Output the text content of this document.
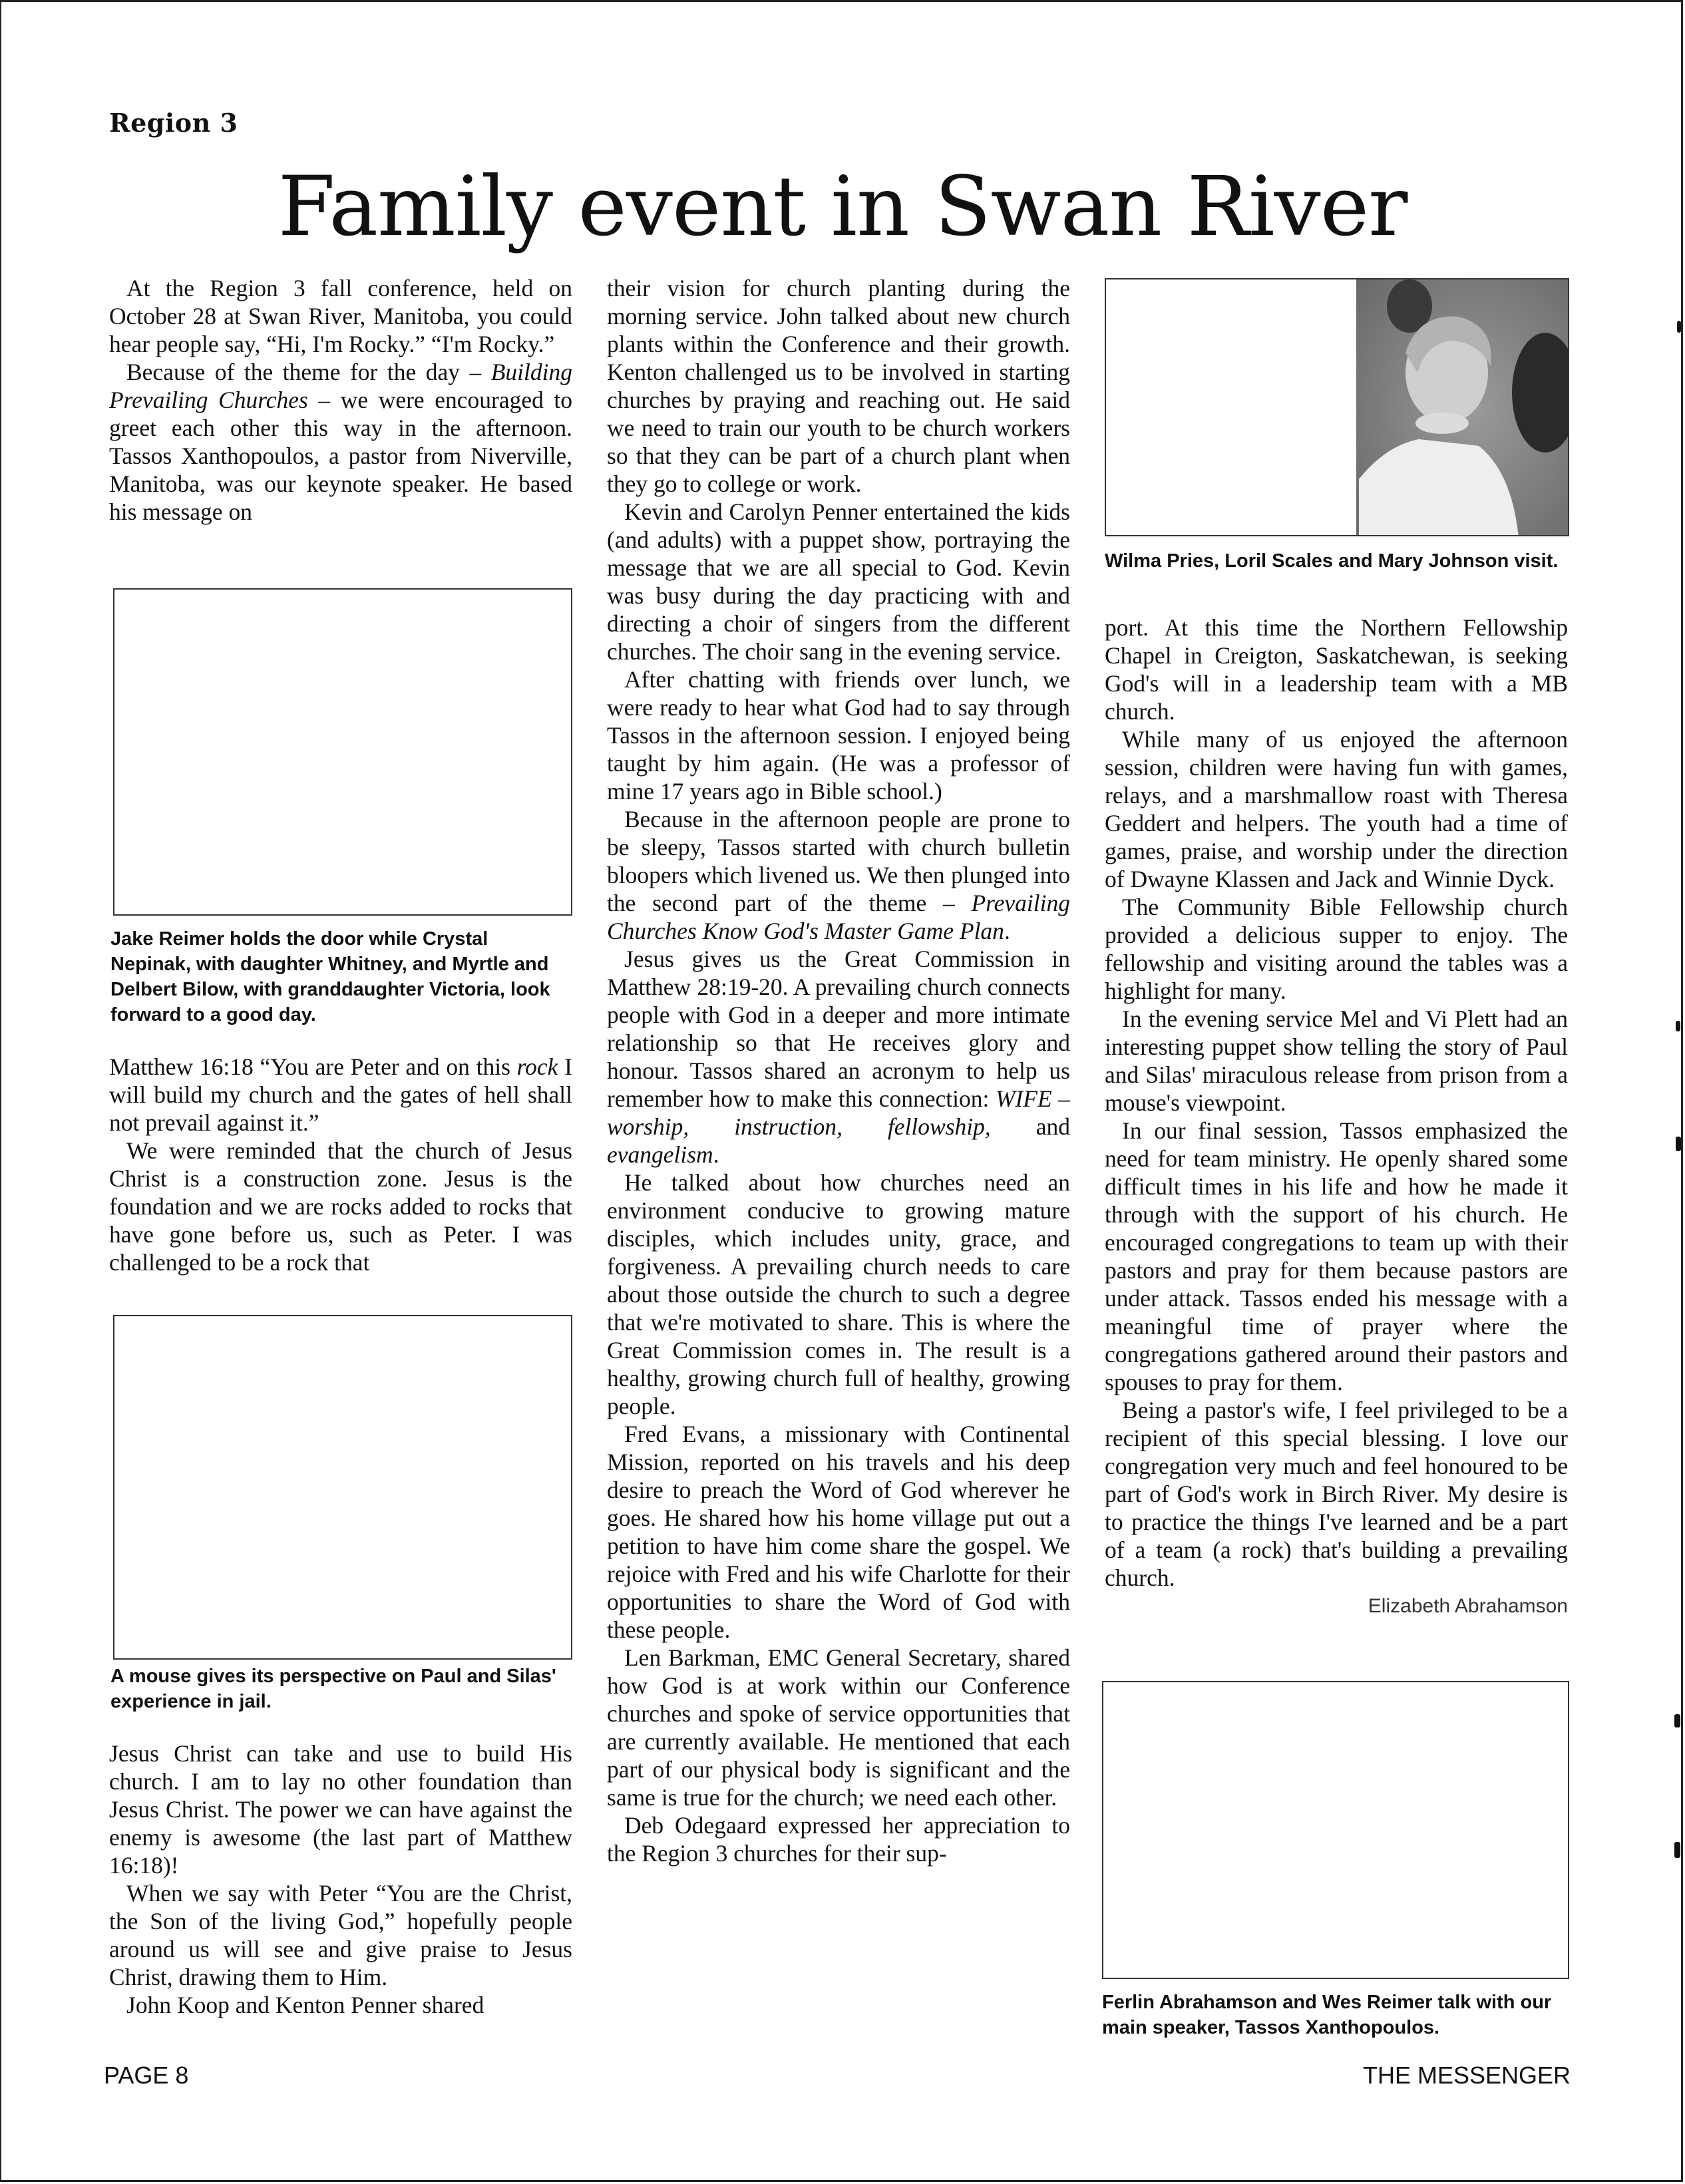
Region 3
Family event in Swan River

At the Region 3 fall conference, held on October 28 at Swan River, Manitoba, you could hear people say, “Hi, I'm Rocky.” “I'm Rocky.”

Because of the theme for the day – Building Prevailing Churches – we were encouraged to greet each other this way in the afternoon. Tassos Xanthopoulos, a pastor from Niverville, Manitoba, was our keynote speaker. He based his message on

Jake Reimer holds the door while Crystal Nepinak, with daughter Whitney, and Myrtle and Delbert Bilow, with granddaughter Victoria, look forward to a good day.

Matthew 16:18 “You are Peter and on this rock I will build my church and the gates of hell shall not prevail against it.”

We were reminded that the church of Jesus Christ is a construction zone. Jesus is the foundation and we are rocks added to rocks that have gone before us, such as Peter. I was challenged to be a rock that

A mouse gives its perspective on Paul and Silas' experience in jail.

Jesus Christ can take and use to build His church. I am to lay no other foundation than Jesus Christ. The power we can have against the enemy is awesome (the last part of Matthew 16:18)!

When we say with Peter “You are the Christ, the Son of the living God,” hopefully people around us will see and give praise to Jesus Christ, drawing them to Him.

John Koop and Kenton Penner shared

their vision for church planting during the morning service. John talked about new church plants within the Conference and their growth. Kenton challenged us to be involved in starting churches by praying and reaching out. He said we need to train our youth to be church workers so that they can be part of a church plant when they go to college or work.

Kevin and Carolyn Penner entertained the kids (and adults) with a puppet show, portraying the message that we are all special to God. Kevin was busy during the day practicing with and directing a choir of singers from the different churches. The choir sang in the evening service.

After chatting with friends over lunch, we were ready to hear what God had to say through Tassos in the afternoon session. I enjoyed being taught by him again. (He was a professor of mine 17 years ago in Bible school.)

Because in the afternoon people are prone to be sleepy, Tassos started with church bulletin bloopers which livened us. We then plunged into the second part of the theme – Prevailing Churches Know God's Master Game Plan.

Jesus gives us the Great Commission in Matthew 28:19-20. A prevailing church connects people with God in a deeper and more intimate relationship so that He receives glory and honour. Tassos shared an acronym to help us remember how to make this connection: WIFE – worship, instruction, fellowship, and evangelism.

He talked about how churches need an environment conducive to growing mature disciples, which includes unity, grace, and forgiveness. A prevailing church needs to care about those outside the church to such a degree that we're motivated to share. This is where the Great Commission comes in. The result is a healthy, growing church full of healthy, growing people.

Fred Evans, a missionary with Continental Mission, reported on his travels and his deep desire to preach the Word of God wherever he goes. He shared how his home village put out a petition to have him come share the gospel. We rejoice with Fred and his wife Charlotte for their opportunities to share the Word of God with these people.

Len Barkman, EMC General Secretary, shared how God is at work within our Conference churches and spoke of service opportunities that are currently available. He mentioned that each part of our physical body is significant and the same is true for the church; we need each other.

Deb Odegaard expressed her appreciation to the Region 3 churches for their sup-

Wilma Pries, Loril Scales and Mary Johnson visit.

port. At this time the Northern Fellowship Chapel in Creigton, Saskatchewan, is seeking God's will in a leadership team with a MB church.

While many of us enjoyed the afternoon session, children were having fun with games, relays, and a marshmallow roast with Theresa Geddert and helpers. The youth had a time of games, praise, and worship under the direction of Dwayne Klassen and Jack and Winnie Dyck.

The Community Bible Fellowship church provided a delicious supper to enjoy. The fellowship and visiting around the tables was a highlight for many.

In the evening service Mel and Vi Plett had an interesting puppet show telling the story of Paul and Silas' miraculous release from prison from a mouse's viewpoint.

In our final session, Tassos emphasized the need for team ministry. He openly shared some difficult times in his life and how he made it through with the support of his church. He encouraged congregations to team up with their pastors and pray for them because pastors are under attack. Tassos ended his message with a meaningful time of prayer where the congregations gathered around their pastors and spouses to pray for them.

Being a pastor's wife, I feel privileged to be a recipient of this special blessing. I love our congregation very much and feel honoured to be part of God's work in Birch River. My desire is to practice the things I've learned and be a part of a team (a rock) that's building a prevailing church.

Elizabeth Abrahamson
Ferlin Abrahamson and Wes Reimer talk with our main speaker, Tassos Xanthopoulos.
PAGE 8	THE MESSENGER
